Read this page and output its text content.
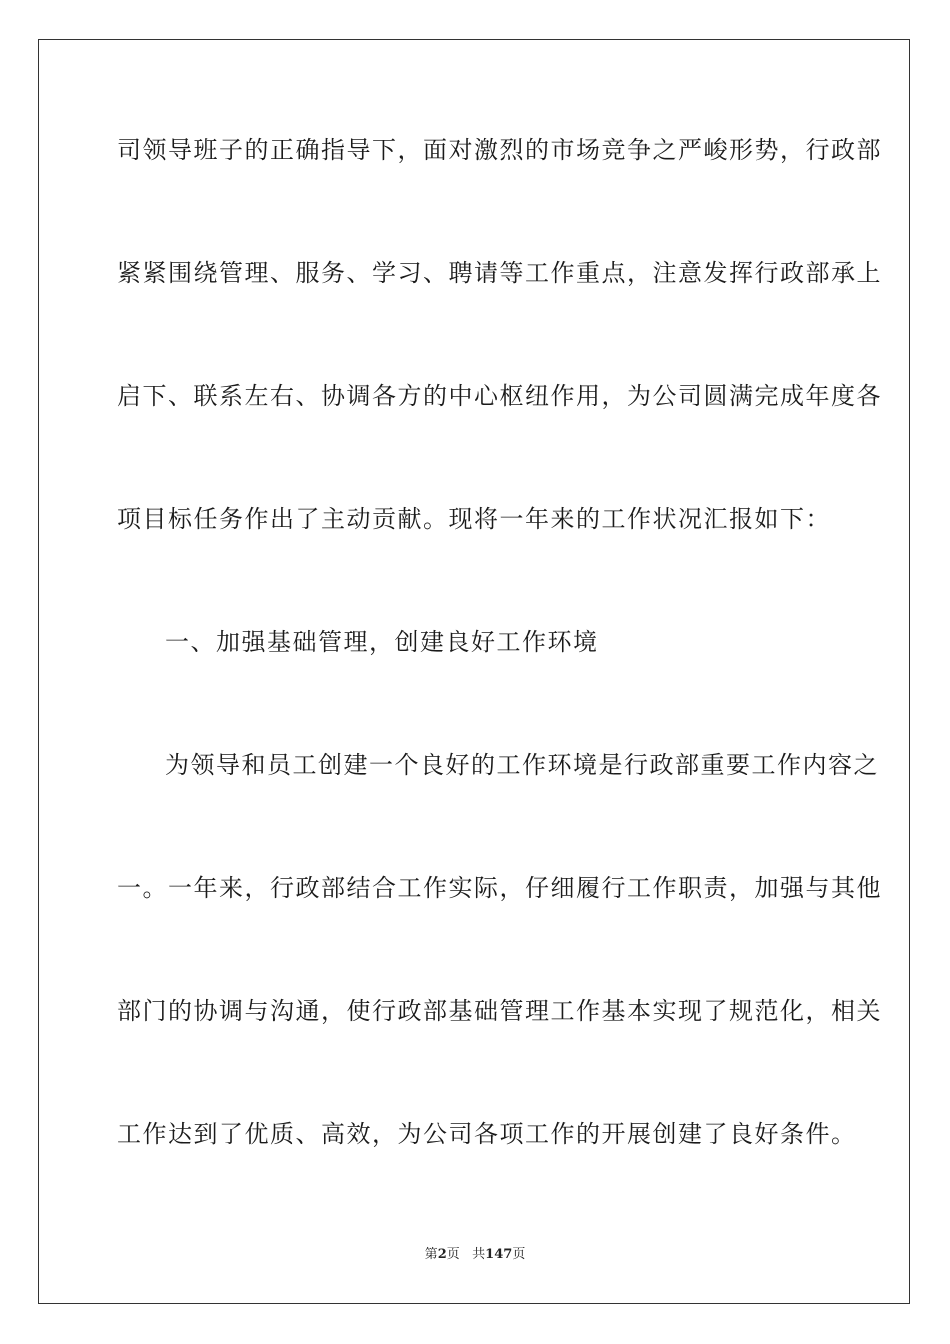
司领导班子的正确指导下，面对激烈的市场竞争之严峻形势，行政部
紧紧围绕管理、服务、学习、聘请等工作重点，注意发挥行政部承上
启下、联系左右、协调各方的中心枢纽作用，为公司圆满完成年度各
项目标任务作出了主动贡献。现将一年来的工作状况汇报如下：
一、加强基础管理，创建良好工作环境
为领导和员工创建一个良好的工作环境是行政部重要工作内容之
一。一年来，行政部结合工作实际，仔细履行工作职责，加强与其他
部门的协调与沟通，使行政部基础管理工作基本实现了规范化，相关
工作达到了优质、高效，为公司各项工作的开展创建了良好条件。
第2页 共147页
